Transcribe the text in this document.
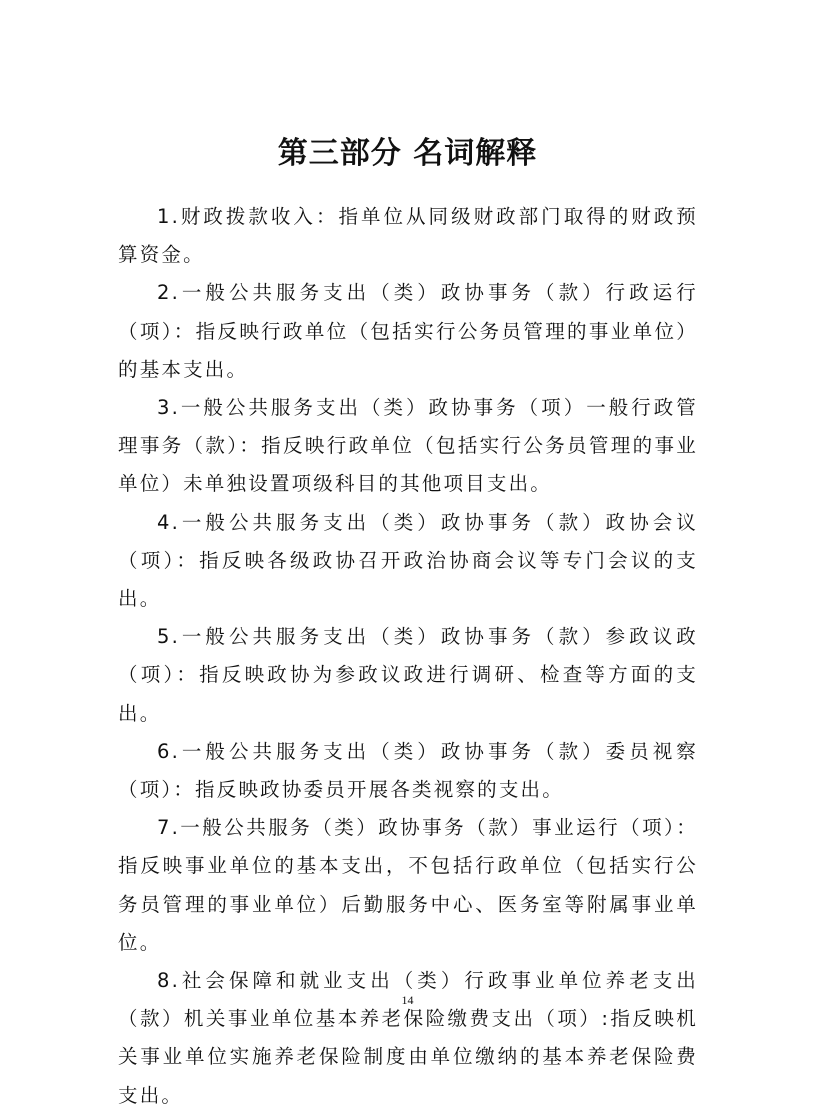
第三部分 名词解释

1.财政拨款收入：指单位从同级财政部门取得的财政预算资金。

2.一般公共服务支出（类）政协事务（款）行政运行（项）：指反映行政单位（包括实行公务员管理的事业单位）的基本支出。

3.一般公共服务支出（类）政协事务（项）一般行政管理事务（款）：指反映行政单位（包括实行公务员管理的事业单位）未单独设置项级科目的其他项目支出。

4.一般公共服务支出（类）政协事务（款）政协会议（项）：指反映各级政协召开政治协商会议等专门会议的支出。

5.一般公共服务支出（类）政协事务（款）参政议政（项）：指反映政协为参政议政进行调研、检查等方面的支出。

6.一般公共服务支出（类）政协事务（款）委员视察（项）：指反映政协委员开展各类视察的支出。

7.一般公共服务（类）政协事务（款）事业运行（项）：指反映事业单位的基本支出，不包括行政单位（包括实行公务员管理的事业单位）后勤服务中心、医务室等附属事业单位。

8.社会保障和就业支出（类）行政事业单位养老支出（款）机关事业单位基本养老保险缴费支出（项）:指反映机关事业单位实施养老保险制度由单位缴纳的基本养老保险费支出。

14
